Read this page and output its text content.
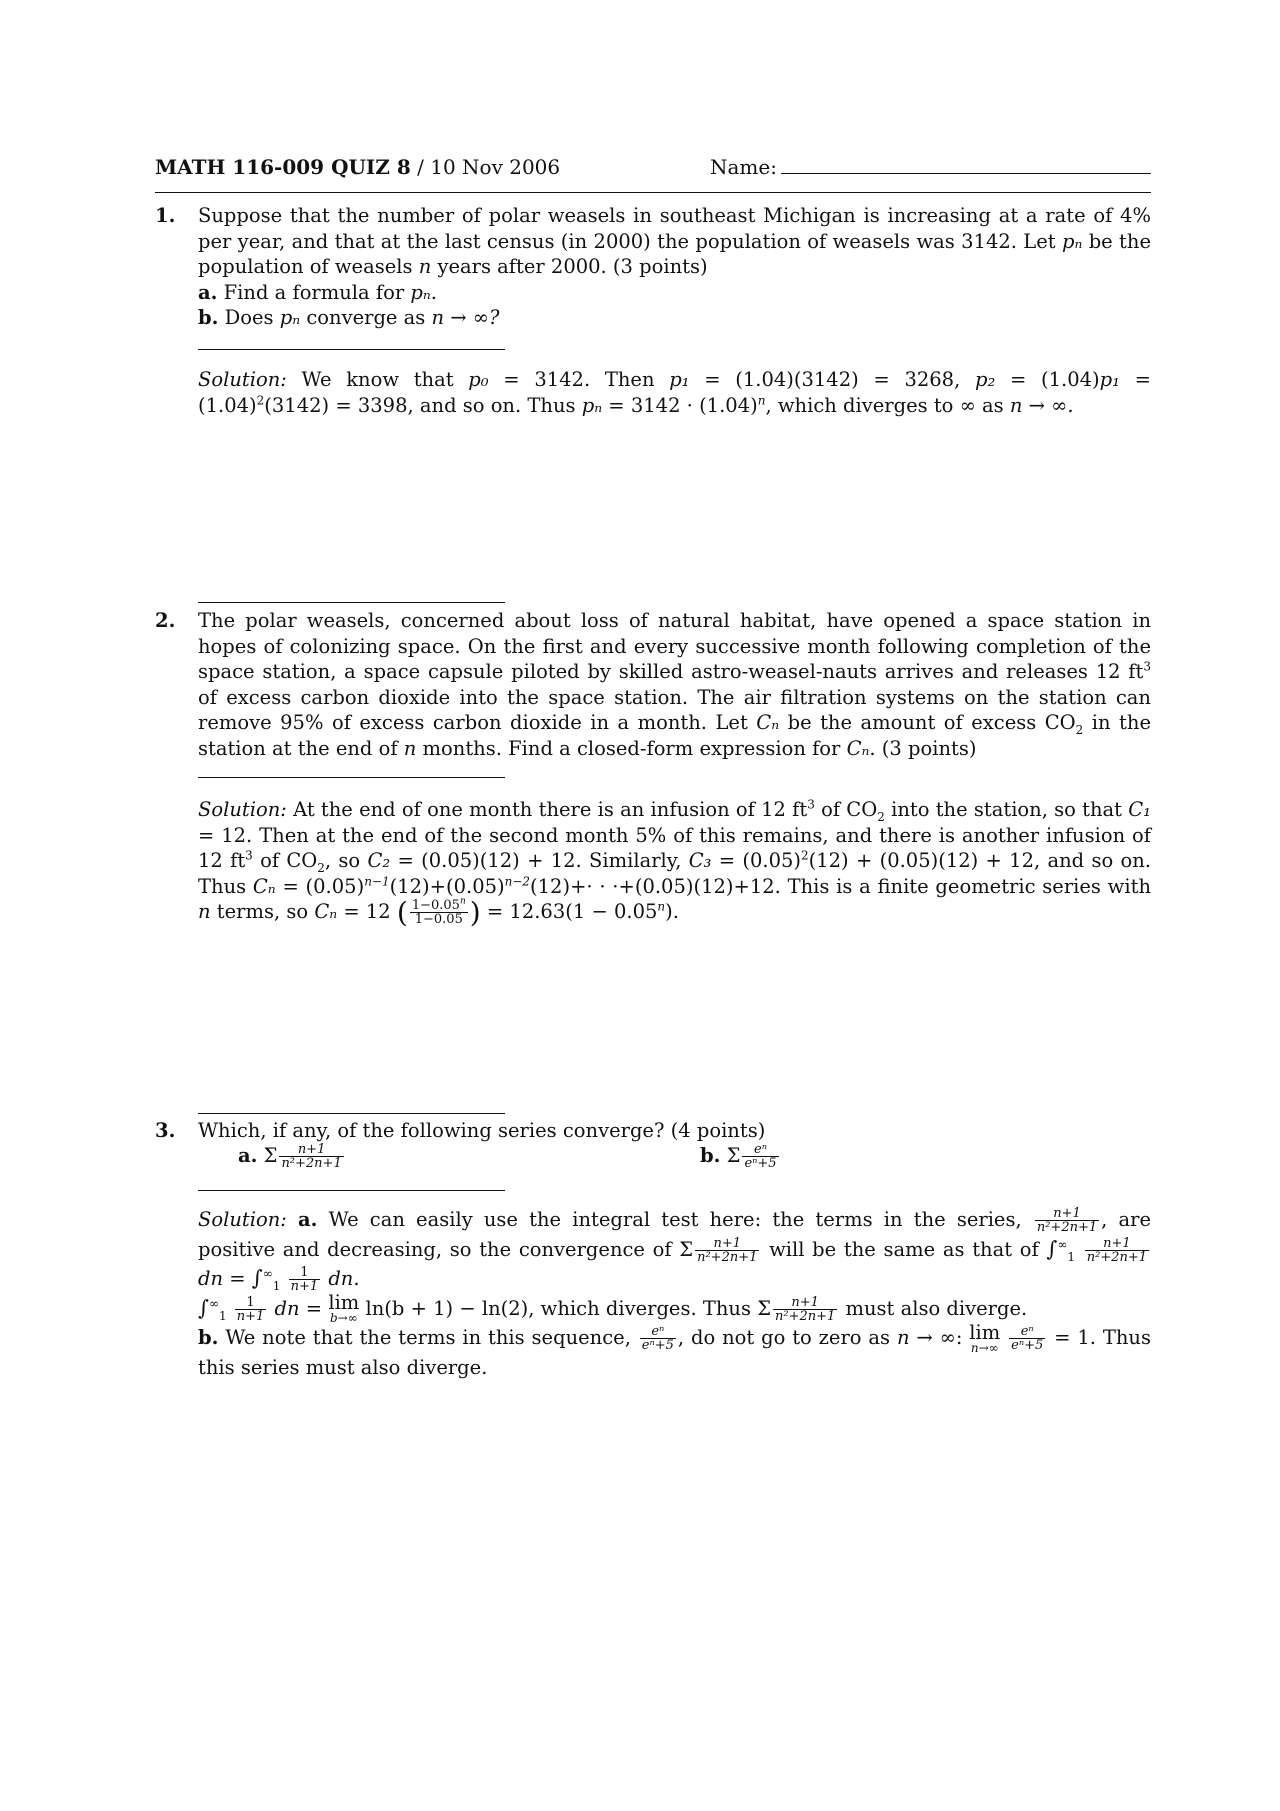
MATH 116-009 QUIZ 8 / 10 Nov 2006	Name:
1. Suppose that the number of polar weasels in southeast Michigan is increasing at a rate of 4% per year, and that at the last census (in 2000) the population of weasels was 3142. Let pₙ be the population of weasels n years after 2000. (3 points)
a. Find a formula for pₙ.
b. Does pₙ converge as n → ∞?
Solution: We know that p₀ = 3142. Then p₁ = (1.04)(3142) = 3268, $p_2 = (1.04)p_1 = (1.04)^2(3142) = 3398$, and so on. Thus $p_n = 3142 \cdot (1.04)^n$, which diverges to ∞ as n → ∞.
2. The polar weasels, concerned about loss of natural habitat, have opened a space station in hopes of colonizing space. On the first and every successive month following completion of the space station, a space capsule piloted by skilled astro-weasel-nauts arrives and releases 12 $ft^3$ of excess carbon dioxide into the space station. The air filtration systems on the station can remove 95% of excess carbon dioxide in a month. Let Cₙ be the amount of excess $CO_2$ in the station at the end of n months. Find a closed-form expression for Cₙ. (3 points)
Solution: At the end of one month there is an infusion of 12 $ft^3$ of $CO_2$ into the station, so that C₁ = 12. Then at the end of the second month 5% of this remains, and there is another infusion of 12 $ft^3$ of $CO_2$, so C₂ = (0.05)(12) + 12. Similarly, $C_3 = (0.05)^2(12) + (0.05)(12) + 12$, and so on. Thus $C_n = (0.05)^{n-1}(12)+(0.05)^{n-2}(12)+\cdot \cdot \cdot+(0.05)(12)+12$. This is a finite geometric series with n terms, so Cₙ = 12 ( $\frac{1-0.05^n}{1-0.05}$ ) = $12.63(1 - 0.05^n)$.
3. Which, if any, of the following series converge? (4 points)
a. Σ $\frac{n+1}{\text{n²+2n+1}}$	b. Σ $\frac{\text{eⁿ}}{\text{eⁿ+5}}$
Solution: a. We can easily use the integral test here: the terms in the series, $\frac{n+1}{\text{n²+2n+1}}$ , are positive and decreasing, so the convergence of Σ $\frac{n+1}{\text{n²+2n+1}}$ will be the same as that of $\int^\infty_1 \frac{n+1}{\text{n²+2n+1}}$
dn = $\int^\infty_1 \frac{1}{n+1}$ dn.
$\int^\infty_1 \frac{1}{n+1}$ dn = lim
b→∞ ln(b + 1) − ln(2), which diverges. Thus Σ $\frac{n+1}{\text{n²+2n+1}}$ must also diverge.
b. We note that the terms in this sequence, $\frac{\text{eⁿ}}{\text{eⁿ+5}}$ , do not go to zero as n → ∞: lim
n→∞
$\frac{\text{eⁿ}}{\text{eⁿ+5}} = 1$. Thus this series must also diverge.
